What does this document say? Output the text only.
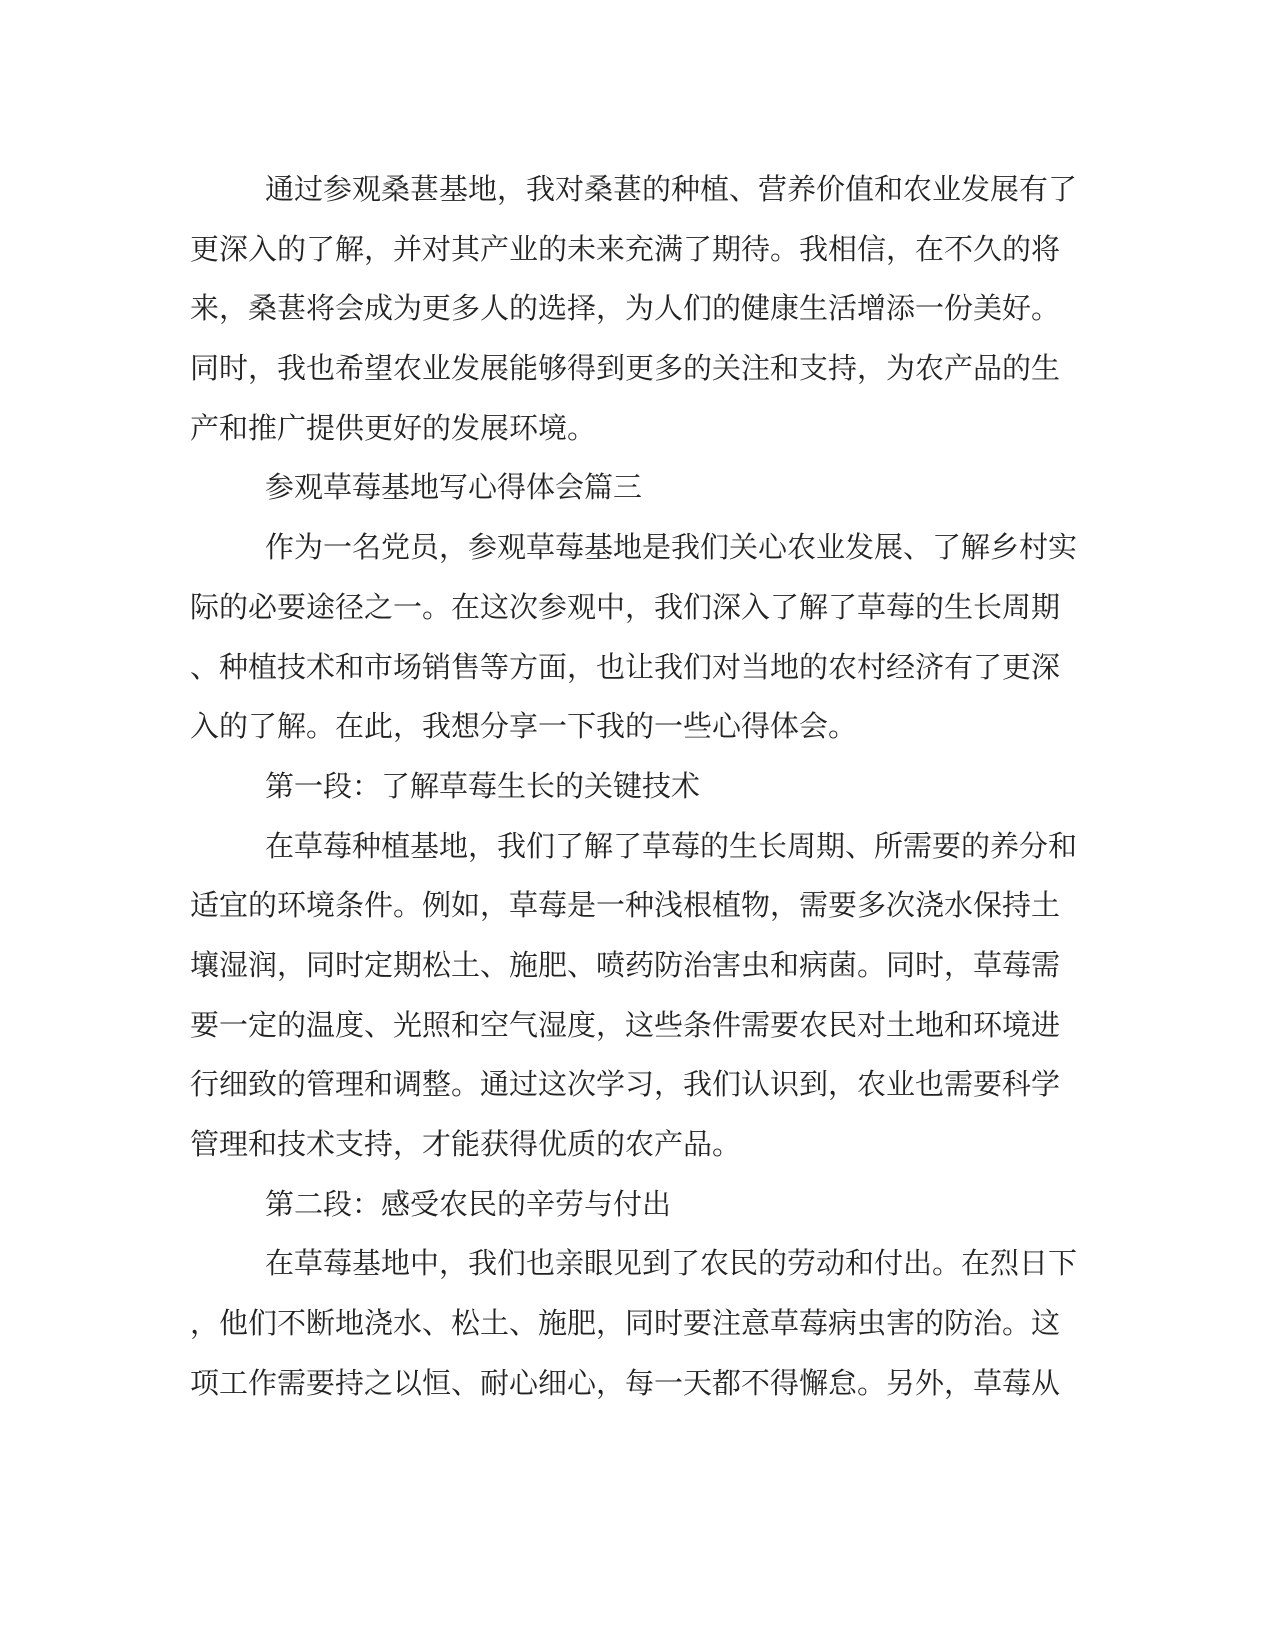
通过参观桑葚基地，我对桑葚的种植、营养价值和农业发展有了
更深入的了解，并对其产业的未来充满了期待。我相信，在不久的将
来，桑葚将会成为更多人的选择，为人们的健康生活增添一份美好。
同时，我也希望农业发展能够得到更多的关注和支持，为农产品的生
产和推广提供更好的发展环境。
参观草莓基地写心得体会篇三
作为一名党员，参观草莓基地是我们关心农业发展、了解乡村实
际的必要途径之一。在这次参观中，我们深入了解了草莓的生长周期
、种植技术和市场销售等方面，也让我们对当地的农村经济有了更深
入的了解。在此，我想分享一下我的一些心得体会。
第一段：了解草莓生长的关键技术
在草莓种植基地，我们了解了草莓的生长周期、所需要的养分和
适宜的环境条件。例如，草莓是一种浅根植物，需要多次浇水保持土
壤湿润，同时定期松土、施肥、喷药防治害虫和病菌。同时，草莓需
要一定的温度、光照和空气湿度，这些条件需要农民对土地和环境进
行细致的管理和调整。通过这次学习，我们认识到，农业也需要科学
管理和技术支持，才能获得优质的农产品。
第二段：感受农民的辛劳与付出
在草莓基地中，我们也亲眼见到了农民的劳动和付出。在烈日下
，他们不断地浇水、松土、施肥，同时要注意草莓病虫害的防治。这
项工作需要持之以恒、耐心细心，每一天都不得懈怠。另外，草莓从
